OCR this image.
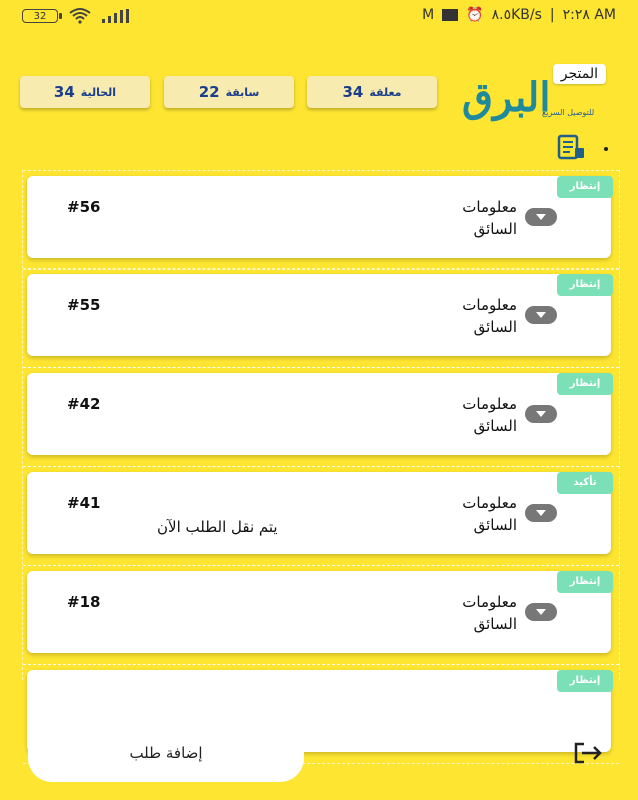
32	M ⏰ ٨.٥KB/s | ٢:٢٨ AM
البرق
للتوصيل السريع
المتجر
34 معلقة
22 سابقة
34 الحالية
إنتظار
#56	معلومات السائق
إنتظار
#55	معلومات السائق
إنتظار
#42	معلومات السائق
تأكيد
#41	معلومات السائق
يتم نقل الطلب الآن
إنتظار
#18	معلومات السائق
إنتظار
إضافة طلب
